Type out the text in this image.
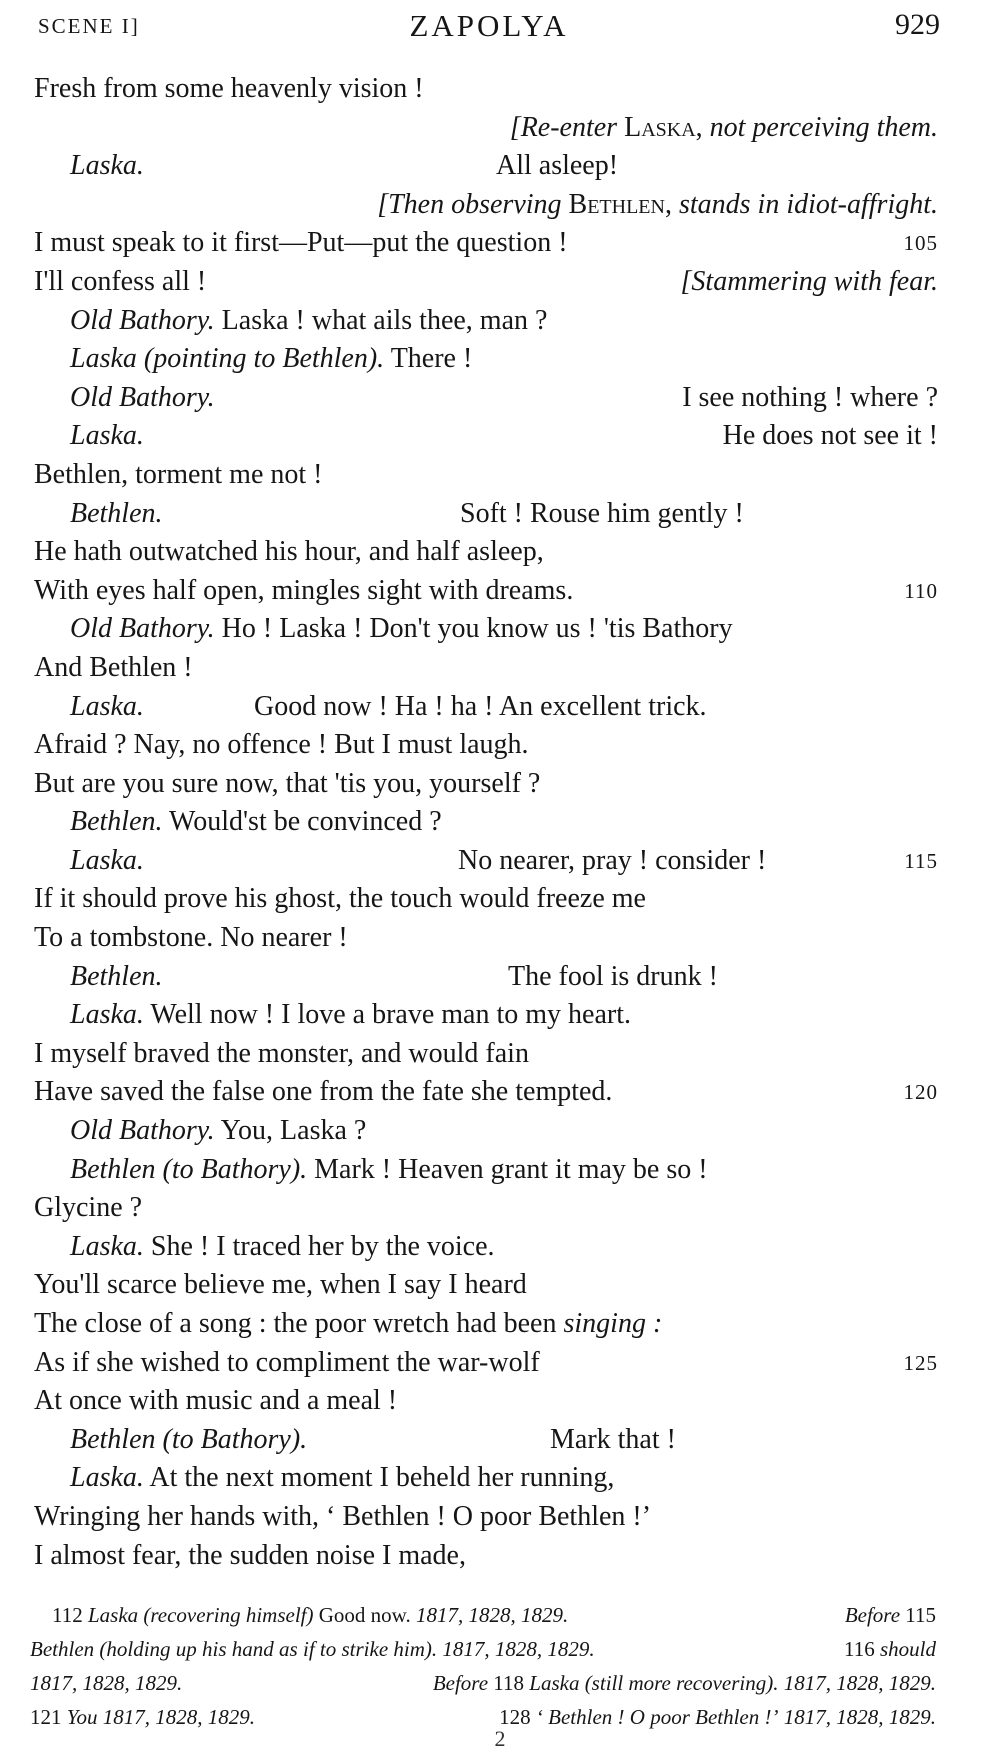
SCENE I]	ZAPOLYA	929
Fresh from some heavenly vision !
[Re-enter Laska, not perceiving them.
Laska.	All asleep!
[Then observing Bethlen, stands in idiot-affright.
I must speak to it first—Put—put the question !	105
I'll confess all !	[Stammering with fear.
Old Bathory. Laska ! what ails thee, man ?
Laska (pointing to Bethlen). There !
Old Bathory.	I see nothing ! where ?
Laska.	He does not see it !
Bethlen, torment me not !
Bethlen.	Soft ! Rouse him gently !
He hath outwatched his hour, and half asleep,
With eyes half open, mingles sight with dreams.	110
Old Bathory. Ho ! Laska ! Don't you know us ! 'tis Bathory
And Bethlen !
Laska.	Good now ! Ha ! ha ! An excellent trick.
Afraid ? Nay, no offence ! But I must laugh.
But are you sure now, that 'tis you, yourself ?
Bethlen. Would'st be convinced ?
Laska.	No nearer, pray ! consider !	115
If it should prove his ghost, the touch would freeze me
To a tombstone. No nearer !
Bethlen.	The fool is drunk !
Laska. Well now ! I love a brave man to my heart.
I myself braved the monster, and would fain
Have saved the false one from the fate she tempted.	120
Old Bathory. You, Laska ?
Bethlen (to Bathory). Mark ! Heaven grant it may be so !
Glycine ?
Laska. She ! I traced her by the voice.
You'll scarce believe me, when I say I heard
The close of a song : the poor wretch had been singing :
As if she wished to compliment the war-wolf	125
At once with music and a meal !
Bethlen (to Bathory).	Mark that !
Laska. At the next moment I beheld her running,
Wringing her hands with, ‘ Bethlen ! O poor Bethlen !’
I almost fear, the sudden noise I made,
112 Laska (recovering himself) Good now. 1817, 1828, 1829.	Before 115
Bethlen (holding up his hand as if to strike him). 1817, 1828, 1829.	116 should
1817, 1828, 1829.	Before 118 Laska (still more recovering). 1817, 1828, 1829.
121 You 1817, 1828, 1829.	128 ‘ Bethlen ! O poor Bethlen !’ 1817, 1828, 1829.
2
